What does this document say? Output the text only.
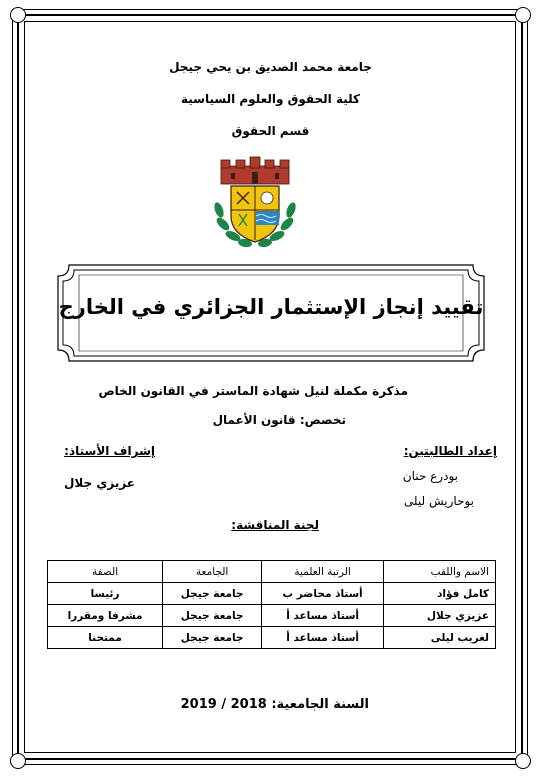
جامعة محمد الصديق بن يحي جيجل
كلية الحقوق والعلوم السياسية
قسم الحقوق
تقييد إنجاز الإستثمار الجزائري في الخارج
مذكرة مكملة لنيل شهادة الماستر في القانون الخاص
تخصص: قانون الأعمال
إعداد الطالبتين:
بودرع حنان
بوحاريش ليلى
إشراف الأستاذ:
عزيزي جلال
لجنة المناقشة:
الاسم واللقب	الرتبة العلمية	الجامعة	الصفة
كامل فؤاد	أستاذ محاضر ب	جامعة جيجل	رئيسا
عزيزي جلال	أستاذ مساعد أ	جامعة جيجل	مشرفا ومقررا
لغريب ليلى	أستاذ مساعد أ	جامعة جيجل	ممتحنا
السنة الجامعية: 2018 / 2019
